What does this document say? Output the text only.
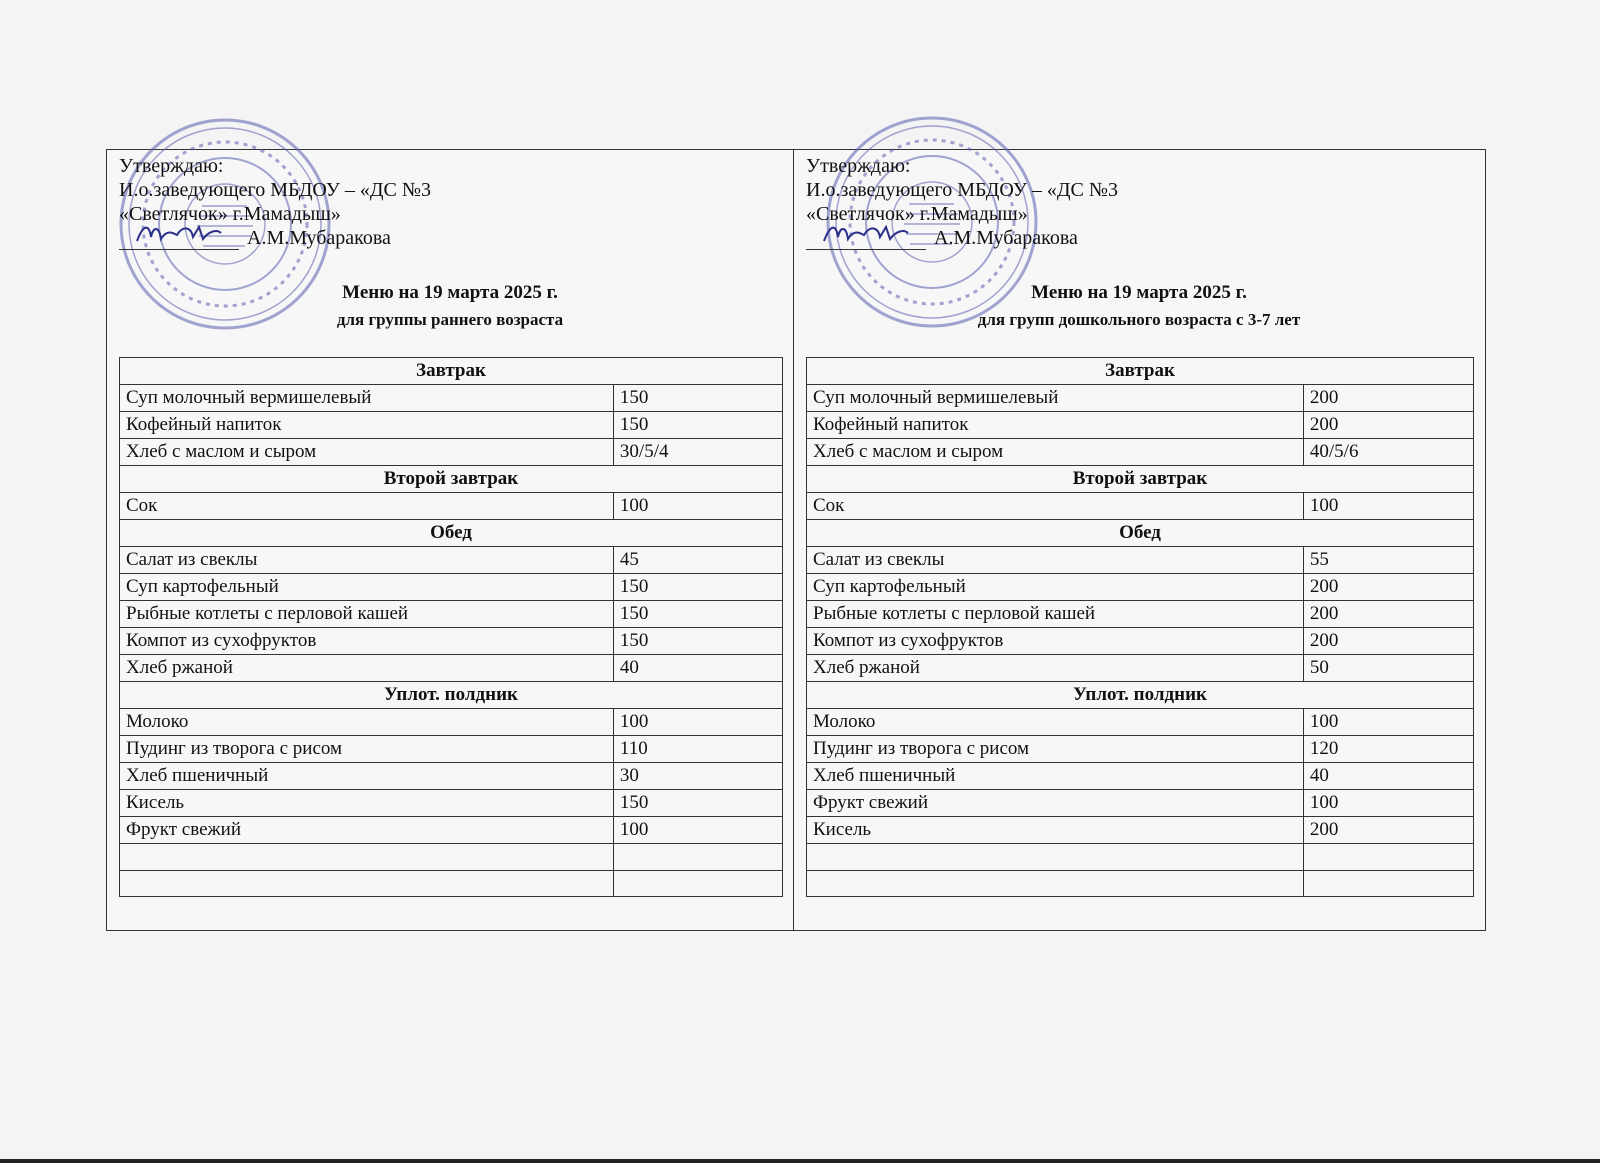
Утверждаю:
И.о.заведующего МБДОУ – «ДС №3
«Светлячок» г.Мамадыш»
А.М.Мубаракова
Меню на 19 марта 2025 г.
для группы раннего возраста
Завтрак	
Суп молочный вермишелевый	150
Кофейный напиток	150
Хлеб с маслом и сыром	30/5/4
Второй завтрак	
Сок	100
Обед	
Салат из свеклы	45
Суп картофельный	150
Рыбные котлеты с перловой кашей	150
Компот из сухофруктов	150
Хлеб ржаной	40
Уплот. полдник	
Молоко	100
Пудинг из творога с рисом	110
Хлеб пшеничный	30
Кисель	150
Фрукт свежий	100

Утверждаю:
И.о.заведующего МБДОУ – «ДС №3
«Светлячок» г.Мамадыш»
А.М.Мубаракова
Меню на 19 марта 2025 г.
для групп дошкольного возраста с 3-7 лет
Завтрак	
Суп молочный вермишелевый	200
Кофейный напиток	200
Хлеб с маслом и сыром	40/5/6
Второй завтрак	
Сок	100
Обед	
Салат из свеклы	55
Суп картофельный	200
Рыбные котлеты с перловой кашей	200
Компот из сухофруктов	200
Хлеб ржаной	50
Уплот. полдник	
Молоко	100
Пудинг из творога с рисом	120
Хлеб пшеничный	40
Фрукт свежий	100
Кисель	200
